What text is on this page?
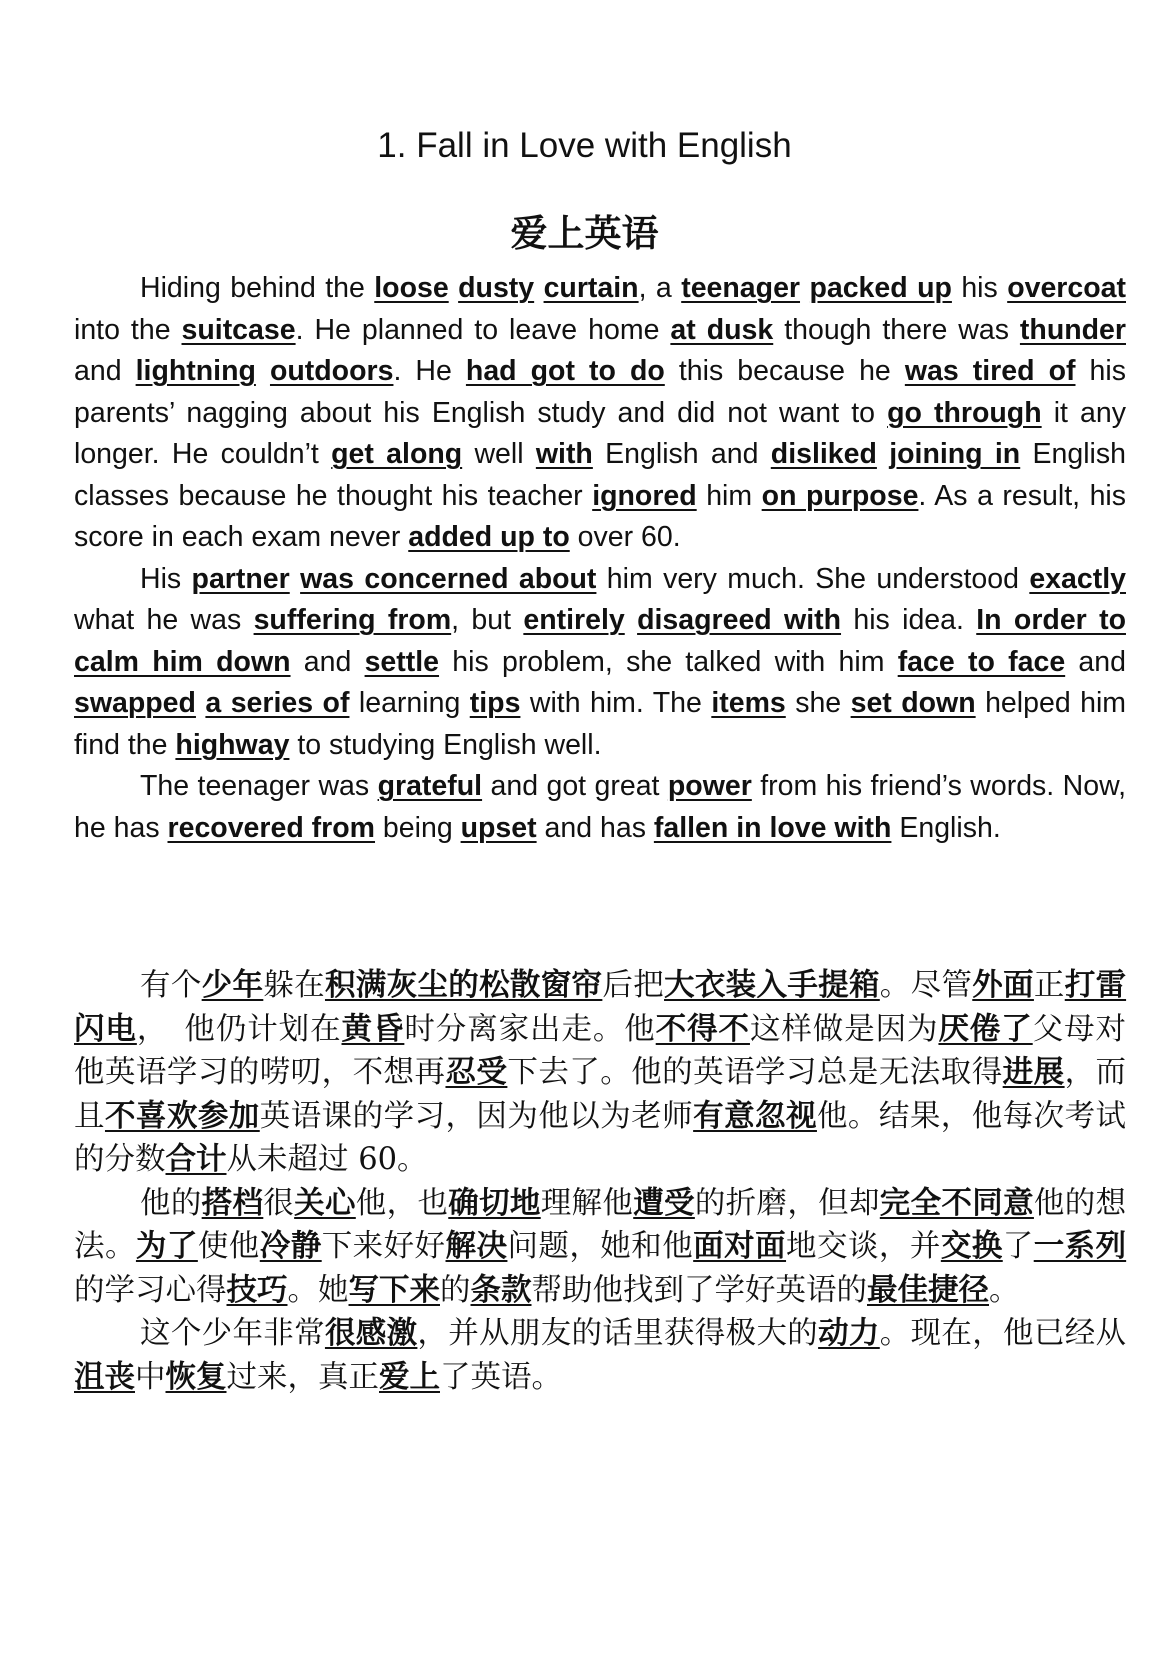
1. Fall in Love with English
爱上英语

Hiding behind the loose dusty curtain, a teenager packed up his overcoat into the suitcase. He planned to leave home at dusk though there was thunder and lightning outdoors. He had got to do this because he was tired of his parents’ nagging about his English study and did not want to go through it any longer. He couldn’t get along well with English and disliked joining in English classes because he thought his teacher ignored him on purpose. As a result, his score in each exam never added up to over 60.

His partner was concerned about him very much. She understood exactly what he was suffering from, but entirely disagreed with his idea. In order to calm him down and settle his problem, she talked with him face to face and swapped a series of learning tips with him. The items she set down helped him find the highway to studying English well.

The teenager was grateful and got great power from his friend’s words. Now, he has recovered from being upset and has fallen in love with English.

有个少年躲在积满灰尘的松散窗帘后把大衣装入手提箱。尽管外面正打雷闪电，　他仍计划在黄昏时分离家出走。他不得不这样做是因为厌倦了父母对他英语学习的唠叨，不想再忍受下去了。他的英语学习总是无法取得进展，而且不喜欢参加英语课的学习，因为他以为老师有意忽视他。结果，他每次考试的分数合计从未超过 60。

他的搭档很关心他，也确切地理解他遭受的折磨，但却完全不同意他的想法。为了使他冷静下来好好解决问题，她和他面对面地交谈，并交换了一系列的学习心得技巧。她写下来的条款帮助他找到了学好英语的最佳捷径。

这个少年非常很感激，并从朋友的话里获得极大的动力。现在，他已经从沮丧中恢复过来，真正爱上了英语。
